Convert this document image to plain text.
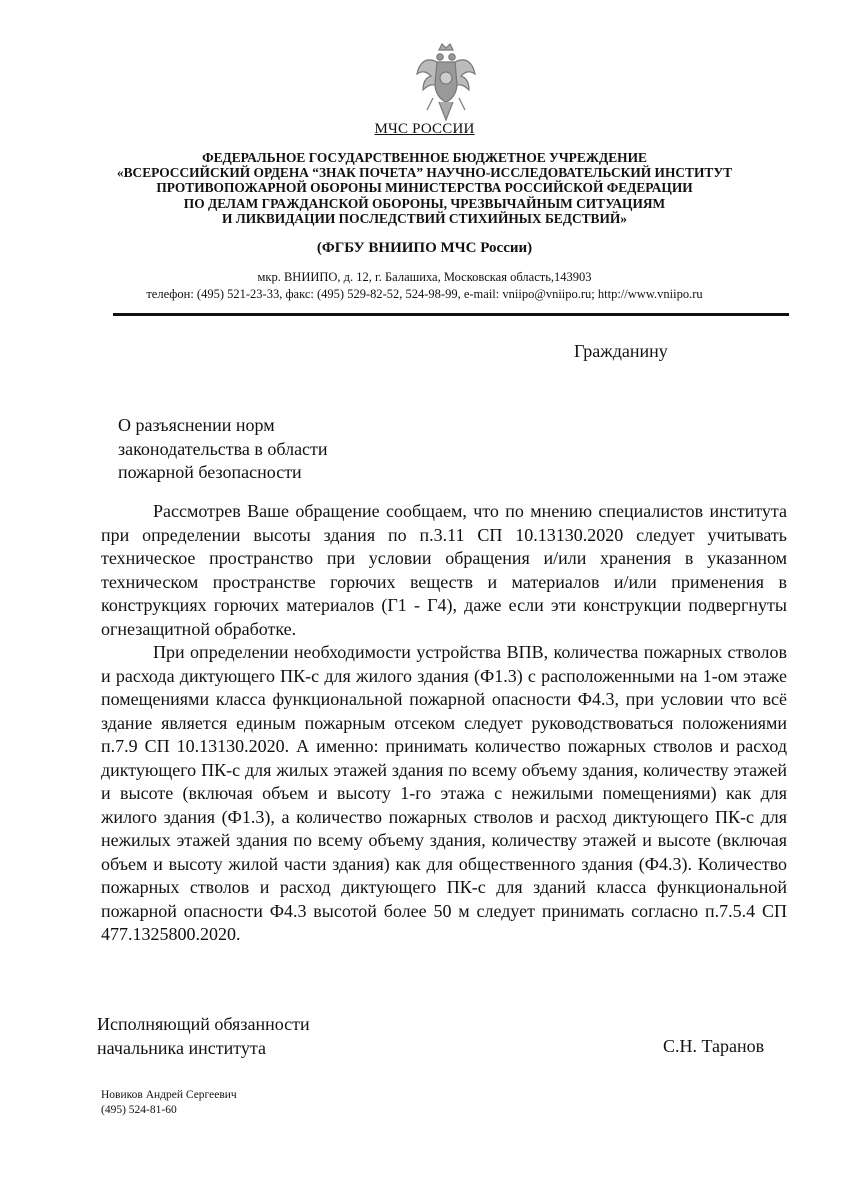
МЧС РОССИИ
ФЕДЕРАЛЬНОЕ ГОСУДАРСТВЕННОЕ БЮДЖЕТНОЕ УЧРЕЖДЕНИЕ
«ВСЕРОССИЙСКИЙ ОРДЕНА “ЗНАК ПОЧЕТА” НАУЧНО-ИССЛЕДОВАТЕЛЬСКИЙ ИНСТИТУТ
ПРОТИВОПОЖАРНОЙ ОБОРОНЫ МИНИСТЕРСТВА РОССИЙСКОЙ ФЕДЕРАЦИИ
ПО ДЕЛАМ ГРАЖДАНСКОЙ ОБОРОНЫ, ЧРЕЗВЫЧАЙНЫМ СИТУАЦИЯМ
И ЛИКВИДАЦИИ ПОСЛЕДСТВИЙ СТИХИЙНЫХ БЕДСТВИЙ»
(ФГБУ ВНИИПО МЧС России)
мкр. ВНИИПО, д. 12, г. Балашиха, Московская область,143903
телефон: (495) 521-23-33, факс: (495) 529-82-52, 524-98-99, e-mail: vniipo@vniipo.ru; http://www.vniipo.ru
Гражданину
О разъяснении норм
законодательства в области
пожарной безопасности

Рассмотрев Ваше обращение сообщаем, что по мнению специалистов института при определении высоты здания по п.3.11 СП 10.13130.2020 следует учитывать техническое пространство при условии обращения и/или хранения в указанном техническом пространстве горючих веществ и материалов и/или применения в конструкциях горючих материалов (Г1 - Г4), даже если эти конструкции подвергнуты огнезащитной обработке.

При определении необходимости устройства ВПВ, количества пожарных стволов и расхода диктующего ПК-с для жилого здания (Ф1.3) с расположенными на 1-ом этаже помещениями класса функциональной пожарной опасности Ф4.3, при условии что всё здание является единым пожарным отсеком следует руководствоваться положениями п.7.9 СП 10.13130.2020. А именно: принимать количество пожарных стволов и расход диктующего ПК-с для жилых этажей здания по всему объему здания, количеству этажей и высоте (включая объем и высоту 1-го этажа с нежилыми помещениями) как для жилого здания (Ф1.3), а количество пожарных стволов и расход диктующего ПК-с для нежилых этажей здания по всему объему здания, количеству этажей и высоте (включая объем и высоту жилой части здания) как для общественного здания (Ф4.3). Количество пожарных стволов и расход диктующего ПК-с для зданий класса функциональной пожарной опасности Ф4.3 высотой более 50 м следует принимать согласно п.7.5.4 СП 477.1325800.2020.

Исполняющий обязанности
начальника института	С.Н. Таранов
Новиков Андрей Сергеевич
(495) 524-81-60
